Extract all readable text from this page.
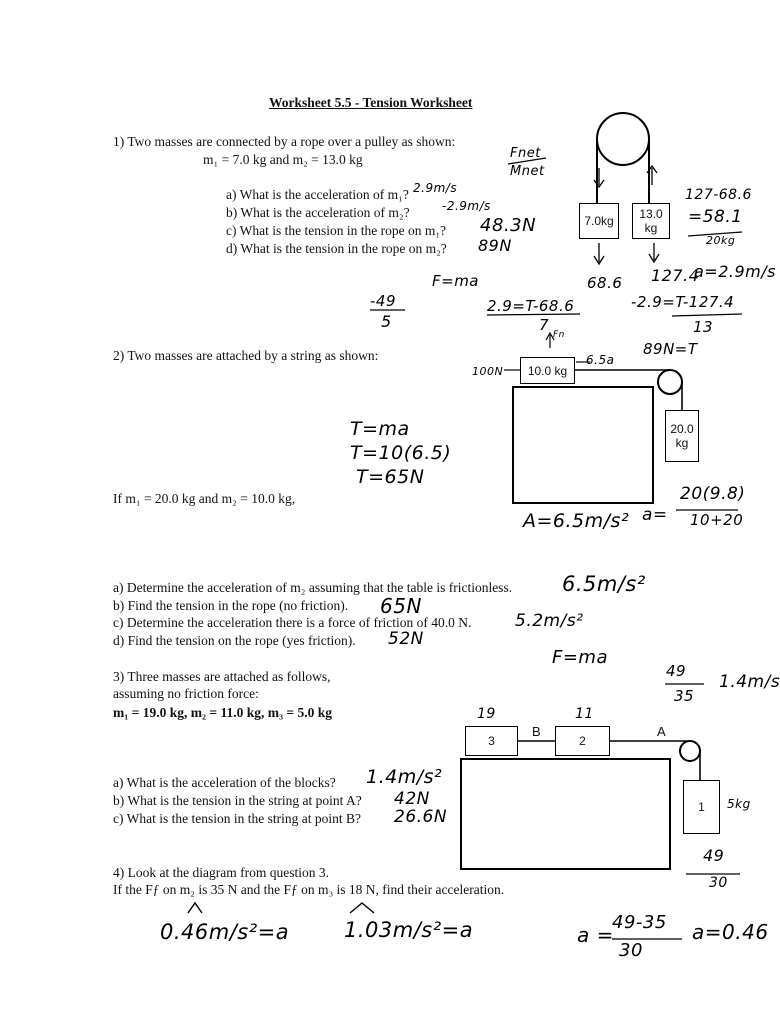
Worksheet 5.5 - Tension Worksheet
1) Two masses are connected by a rope over a pulley as shown:
m₁ = 7.0 kg and m₂ = 13.0 kg
a) What is the acceleration of m₁?
b) What is the acceleration of m₂?
c) What is the tension in the rope on m₁?
d) What is the tension in the rope on m₂?
2.9m/s
-2.9m/s
48.3N
89N
7.0kg	13.0
kg
Fnet
Mnet
68.6 127.4
127-68.6
=58.1
20kg
a=2.9m/s
F=ma
-49
5
2.9=T-68.6
7
-2.9=T-127.4
13
89N=T
Fn
2) Two masses are attached by a string as shown:
If m₁ = 20.0 kg and m₂ = 10.0 kg,
10.0 kg
20.0
kg
100N
6.5a
T=ma
T=10(6.5)
T=65N
A=6.5m/s² a=
20(9.8)
10+20
a) Determine the acceleration of m₂ assuming that the table is frictionless.
b) Find the tension in the rope (no friction).
c) Determine the acceleration there is a force of friction of 40.0 N.
d) Find the tension on the rope (yes friction).
6.5m/s²
65N
5.2m/s²
52N
F=ma
3) Three masses are attached as follows,
assuming no friction force:
m₁ = 19.0 kg, m₂ = 11.0 kg, m₃ = 5.0 kg
49
35
1.4m/s
3	2
1
B	A
19	11
5kg
a) What is the acceleration of the blocks?
b) What is the tension in the string at point A?
c) What is the tension in the string at point B?
1.4m/s²
42N
26.6N
4) Look at the diagram from question 3.
If the Fƒ on m₂ is 35 N and the Fƒ on m₃ is 18 N, find their acceleration.
49
30
0.46m/s²=a	1.03m/s²=a	a =
49-35
30
a=0.46
